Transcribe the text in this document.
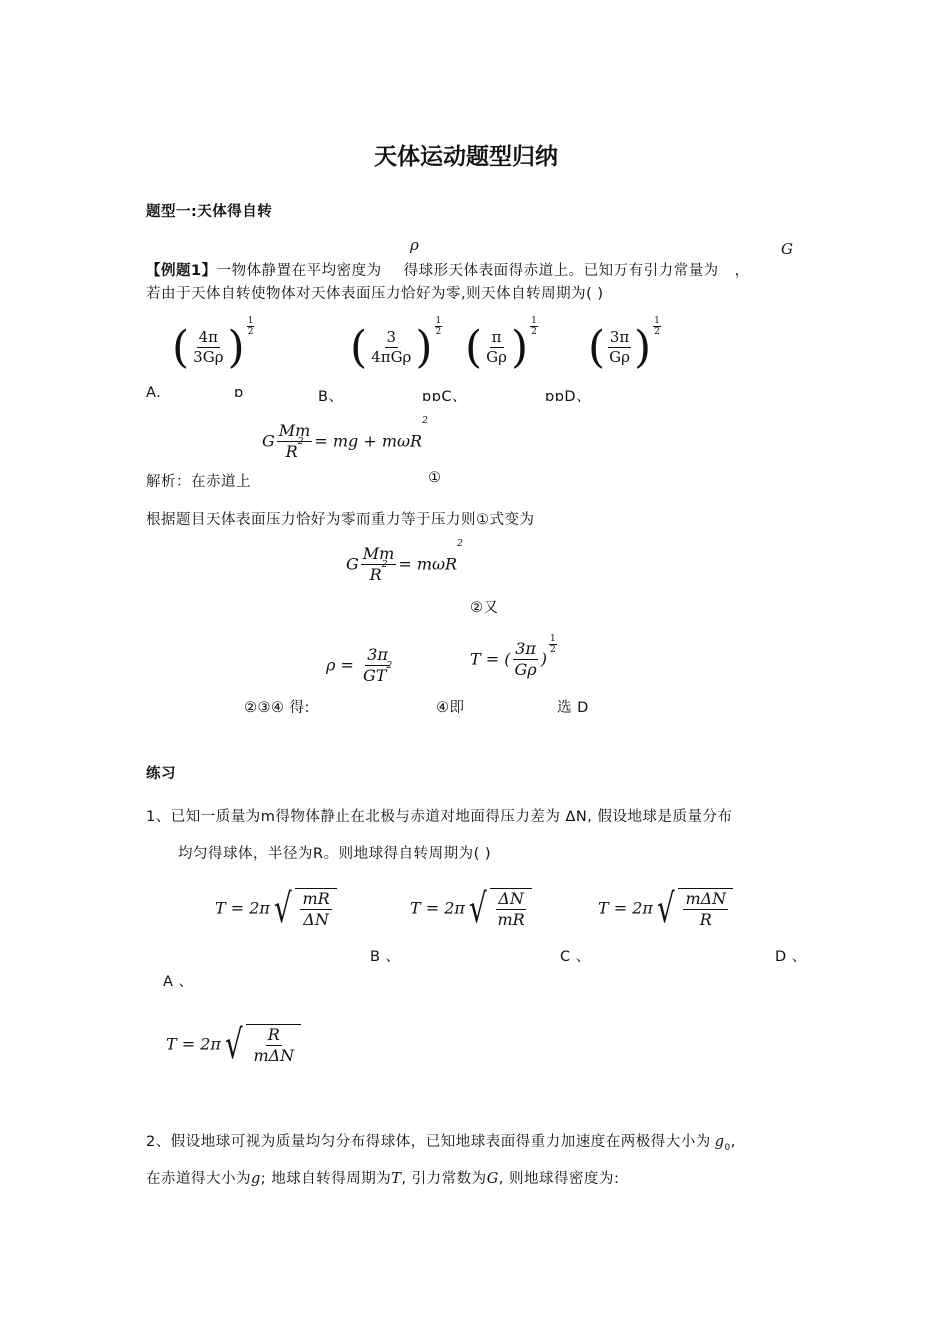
天体运动题型归纳
题型一:天体得自转
ρ	G
【例题1】一物体静置在平均密度为 得球形天体表面得赤道上。已知万有引力常量为 ，
若由于天体自转使物体对天体表面压力恰好为零,则天体自转周期为( )
( $\frac{4\pi}{3G\rho}$ ) $\frac{1}{2}$ ( $\frac{3}{\text{4πGρ}}$ ) $\frac{1}{2}$ ( $\frac{\pi}{G\rho}$ ) $\frac{1}{2}$ ( $\frac{3\pi}{G\rho}$ ) $\frac{1}{2}$
A.	ɒ	B、	ɒɒC、	ɒɒD、
G $\frac{Mm}{R^2}$ = mg + mωR$^2$
解析：在赤道上	①
根据题目天体表面压力恰好为零而重力等于压力则①式变为
G $\frac{Mm}{R^2} = m\omega R^2$
②又
$\rho = \frac{3\pi}{GT^2}$	T = ( $\frac{3\pi}{G\rho}$ )
$\frac{1}{2}$
②③④ 得:	④即	选 D
练习
1、已知一质量为m得物体静止在北极与赤道对地面得压力差为 ΔN, 假设地球是质量分布
均匀得球体，半径为R。则地球得自转周期为( )
T = 2π √ $\frac{mR}{\Delta N}$	T = 2π √ $\frac{\Delta N}{mR}$	T = 2π √ $\frac{\text{mΔN}}{R}$
B 、	C 、	D 、
A 、
T = 2π √ $\frac{R}{\text{mΔN}}$
2、假设地球可视为质量均匀分布得球体，已知地球表面得重力加速度在两极得大小为 $g_0$,
在赤道得大小为g; 地球自转得周期为T, 引力常数为G, 则地球得密度为:
